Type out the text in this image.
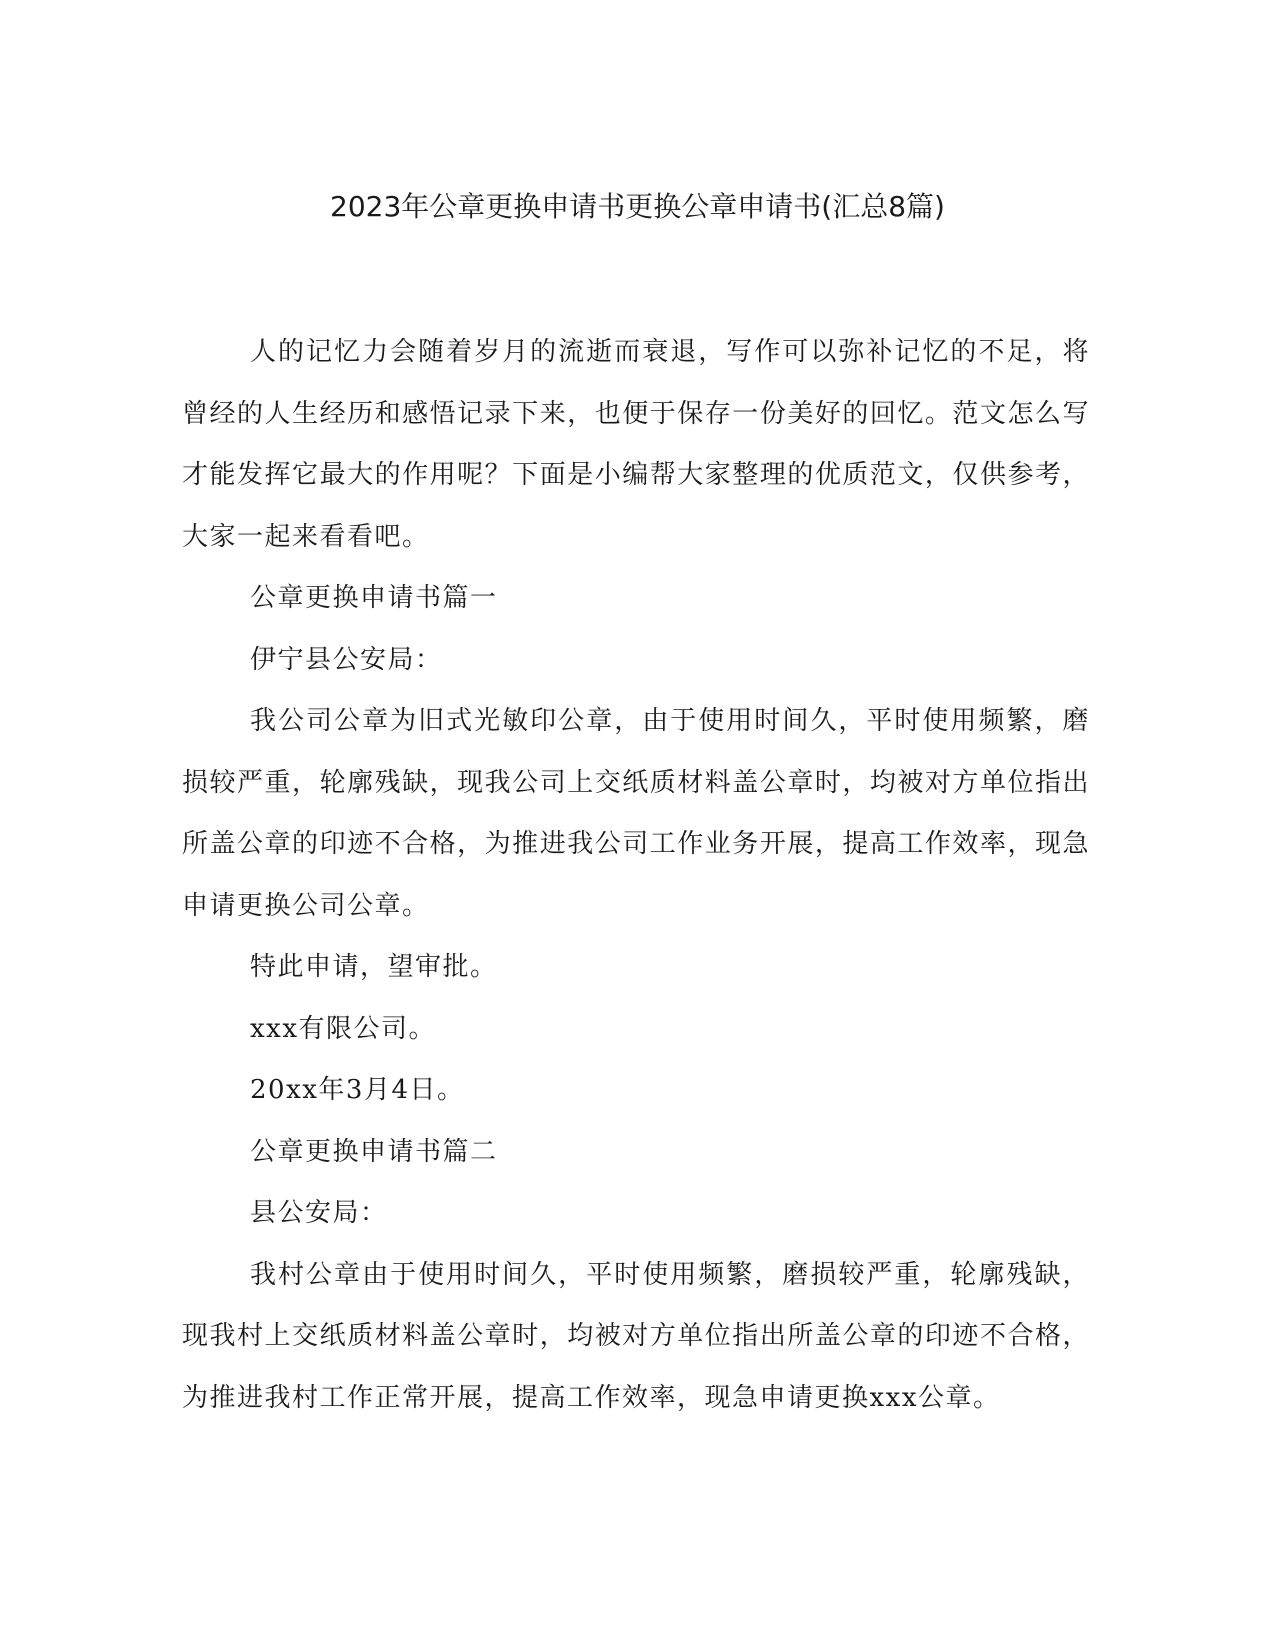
2023年公章更换申请书更换公章申请书(汇总8篇)

人的记忆力会随着岁月的流逝而衰退，写作可以弥补记忆的不足，将曾经的人生经历和感悟记录下来，也便于保存一份美好的回忆。范文怎么写才能发挥它最大的作用呢？下面是小编帮大家整理的优质范文，仅供参考，大家一起来看看吧。

公章更换申请书篇一

伊宁县公安局：

我公司公章为旧式光敏印公章，由于使用时间久，平时使用频繁，磨损较严重，轮廓残缺，现我公司上交纸质材料盖公章时，均被对方单位指出所盖公章的印迹不合格，为推进我公司工作业务开展，提高工作效率，现急申请更换公司公章。

特此申请，望审批。

xxx有限公司。

20xx年3月4日。

公章更换申请书篇二

县公安局：

我村公章由于使用时间久，平时使用频繁，磨损较严重，轮廓残缺，现我村上交纸质材料盖公章时，均被对方单位指出所盖公章的印迹不合格，为推进我村工作正常开展，提高工作效率，现急申请更换xxx公章。
